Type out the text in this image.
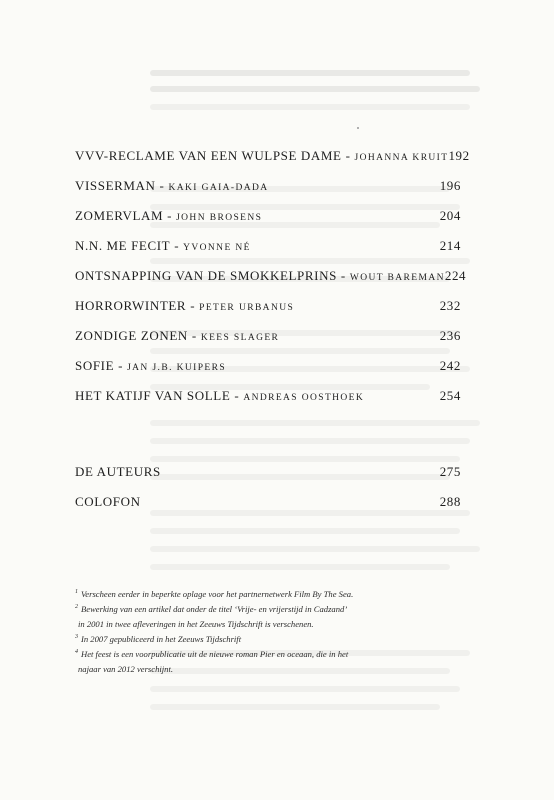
VVV-RECLAME VAN EEN WULPSE DAME - JOHANNA KRUIT 192
VISSERMAN - KAKI GAIA-DADA	196
ZOMERVLAM - JOHN BROSENS	204
N.N. ME FECIT - YVONNE NÉ	214
ONTSNAPPING VAN DE SMOKKELPRINS - WOUT BAREMAN 224
HORRORWINTER - PETER URBANUS	232
ZONDIGE ZONEN - KEES SLAGER	236
SOFIE - JAN J.B. KUIPERS	242
HET KATIJF VAN SOLLE - ANDREAS OOSTHOEK	254
DE AUTEURS	275
COLOFON	288
$^1$ Verscheen eerder in beperkte oplage voor het partnernetwerk Film By The Sea.
$^2$ Bewerking van een artikel dat onder de titel ‘Vrije- en vrijerstijd in Cadzand’
in 2001 in twee afleveringen in het Zeeuws Tijdschrift is verschenen.
$^3$ In 2007 gepubliceerd in het Zeeuws Tijdschrift
$^4$ Het feest is een voorpublicatie uit de nieuwe roman Pier en oceaan, die in het
najaar van 2012 verschijnt.
